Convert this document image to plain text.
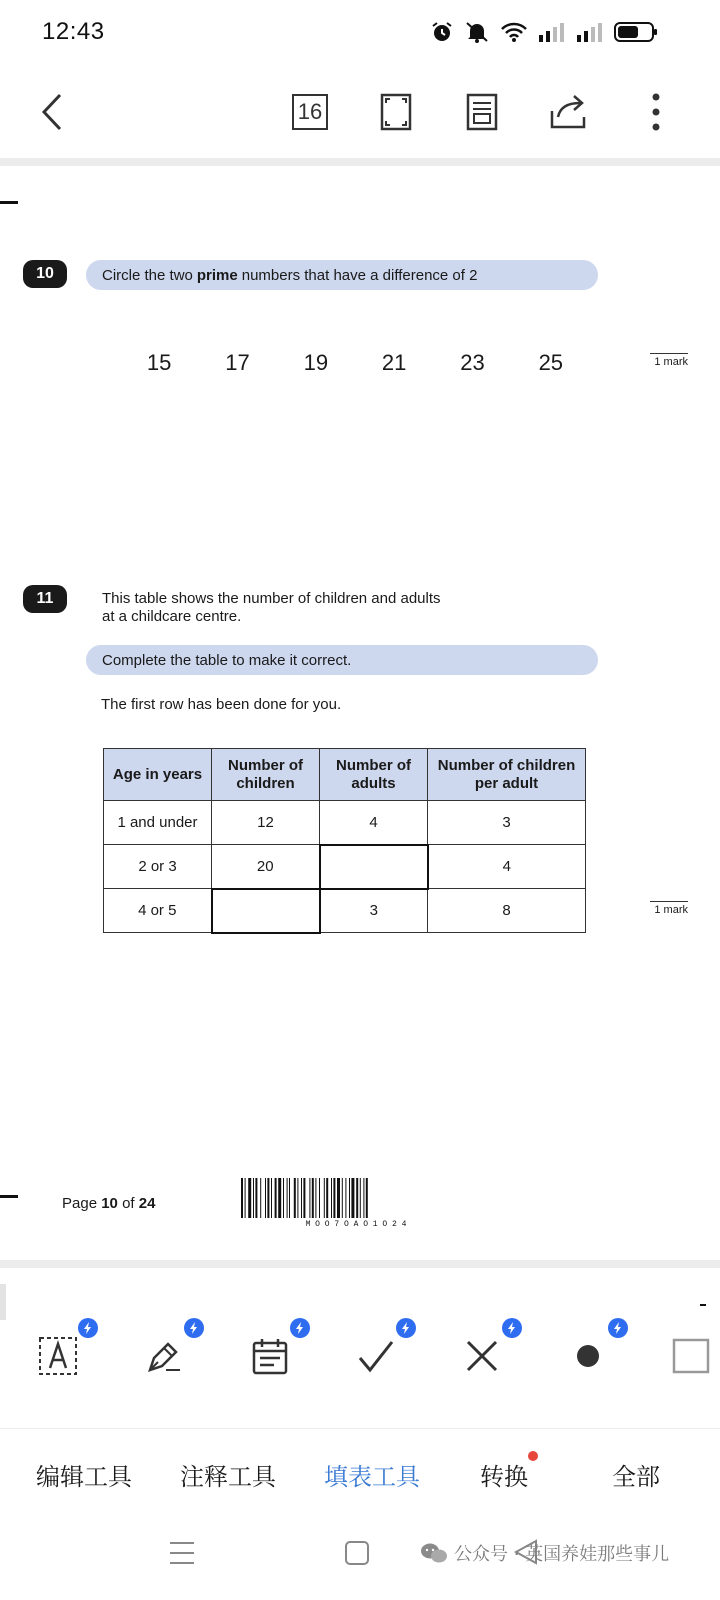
12:43
16
10	Circle the two prime numbers that have a difference of 2
15	17	19	21	23	25	1 mark
11	This table shows the number of children and adults
at a childcare centre.
Complete the table to make it correct.
The first row has been done for you.
Age in years	Number of children	Number of adults	Number of children per adult
1 and under	12	4	3
2 or 3	20		4
4 or 5		3	8	1 mark
Page 10 of 24
M O O 7 O A O 1 O 2 4
编辑工具 注释工具 填表工具	转换	全部
公众号 · 英国养娃那些事儿
